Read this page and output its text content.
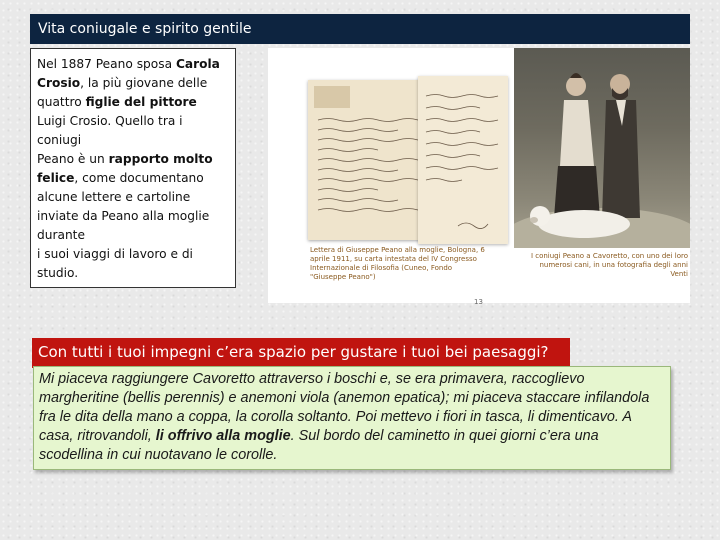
Vita coniugale e spirito gentile
Nel 1887 Peano sposa Carola Crosio, la più giovane delle quattro figlie del pittore Luigi Crosio. Quello tra i coniugi
Peano è un rapporto molto felice, come documentano alcune lettere e cartoline inviate da Peano alla moglie durante
i suoi viaggi di lavoro e di studio.
Lettera di Giuseppe Peano alla moglie, Bologna, 6 aprile 1911, su carta intestata del IV Congresso Internazionale di Filosofia (Cuneo, Fondo "Giuseppe Peano")
I coniugi Peano a Cavoretto, con uno dei loro numerosi cani, in una fotografia degli anni Venti
13
Con tutti i tuoi impegni c’era spazio per gustare i tuoi bei paesaggi?
Mi piaceva raggiungere Cavoretto attraverso i boschi e, se era primavera, raccoglievo margheritine (bellis perennis) e anemoni viola (anemon epatica); mi piaceva staccare infilandola fra le dita della mano a coppa, la corolla soltanto. Poi mettevo i fiori in tasca, li dimenticavo. A casa, ritrovandoli, li offrivo alla moglie. Sul bordo del caminetto in quei giorni c’era una scodellina in cui nuotavano le corolle.
